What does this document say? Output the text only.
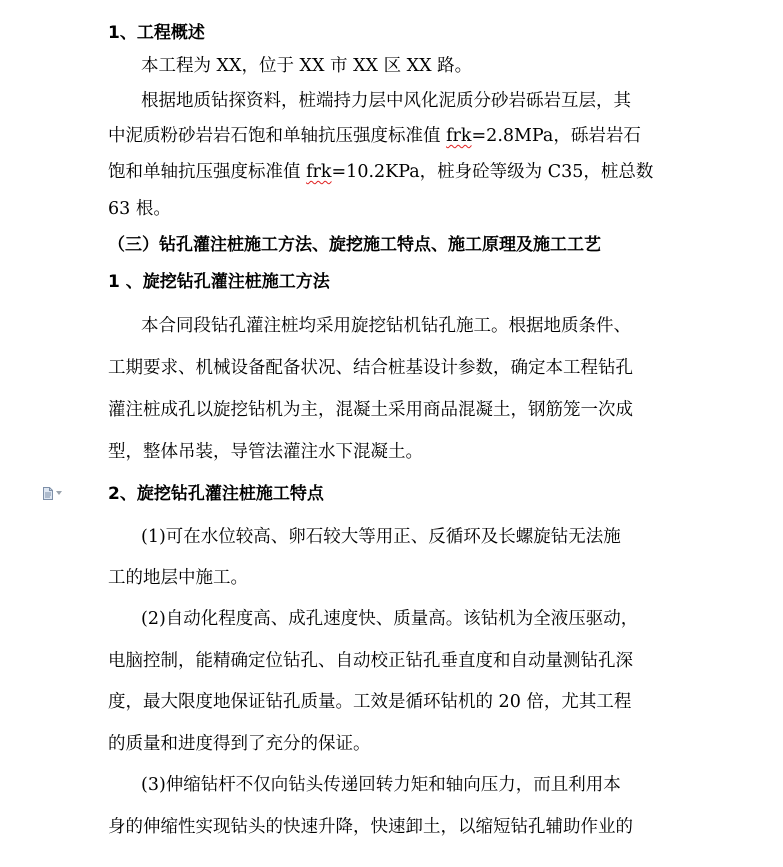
1、工程概述
本工程为 XX，位于 XX 市 XX 区 XX 路。
根据地质钻探资料，桩端持力层中风化泥质分砂岩砾岩互层，其
中泥质粉砂岩岩石饱和单轴抗压强度标准值 frk=2.8MPa，砾岩岩石
饱和单轴抗压强度标准值 frk=10.2KPa，桩身砼等级为 C35，桩总数
63 根。
（三）钻孔灌注桩施工方法、旋挖施工特点、施工原理及施工工艺
1 、旋挖钻孔灌注桩施工方法
本合同段钻孔灌注桩均采用旋挖钻机钻孔施工。根据地质条件、
工期要求、机械设备配备状况、结合桩基设计参数，确定本工程钻孔
灌注桩成孔以旋挖钻机为主，混凝土采用商品混凝土，钢筋笼一次成
型，整体吊装，导管法灌注水下混凝土。
2、旋挖钻孔灌注桩施工特点
(1)可在水位较高、卵石较大等用正、反循环及长螺旋钻无法施
工的地层中施工。
(2)自动化程度高、成孔速度快、质量高。该钻机为全液压驱动，
电脑控制，能精确定位钻孔、自动校正钻孔垂直度和自动量测钻孔深
度，最大限度地保证钻孔质量。工效是循环钻机的 20 倍，尤其工程
的质量和进度得到了充分的保证。
(3)伸缩钻杆不仅向钻头传递回转力矩和轴向压力，而且利用本
身的伸缩性实现钻头的快速升降，快速卸土，以缩短钻孔辅助作业的
